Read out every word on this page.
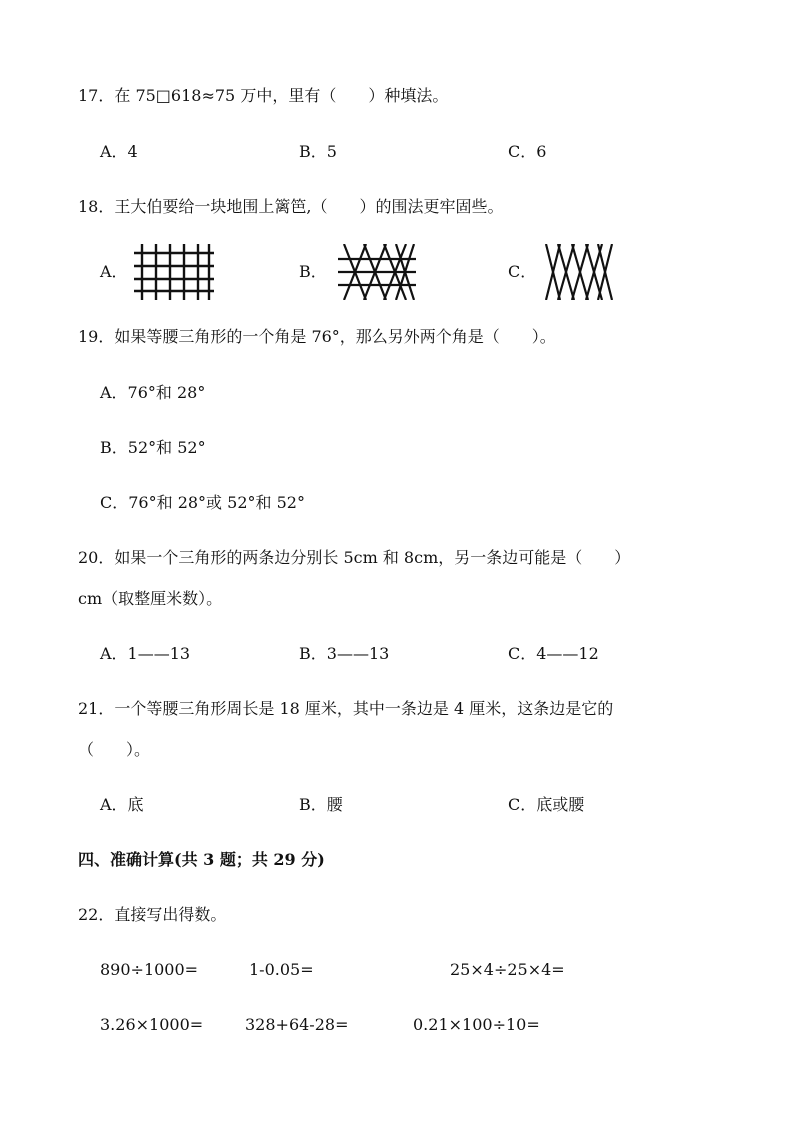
17．在 75□618≈75 万中，里有（　　）种填法。
A．4	B．5	C．6
18．王大伯要给一块地围上篱笆,（　　）的围法更牢固些。
A．	B．	C．
19．如果等腰三角形的一个角是 76°，那么另外两个角是（　　）。
A．76°和 28°
B．52°和 52°
C．76°和 28°或 52°和 52°
20．如果一个三角形的两条边分别长 5cm 和 8cm，另一条边可能是（　　）
cm（取整厘米数）。
A．1——13	B．3——13	C．4——12
21．一个等腰三角形周长是 18 厘米，其中一条边是 4 厘米，这条边是它的
（　　）。
A．底	B．腰	C．底或腰
四、准确计算(共 3 题；共 29 分)
22．直接写出得数。
890÷1000=	1-0.05=	25×4÷25×4=
3.26×1000=	328+64-28=	0.21×100÷10=
